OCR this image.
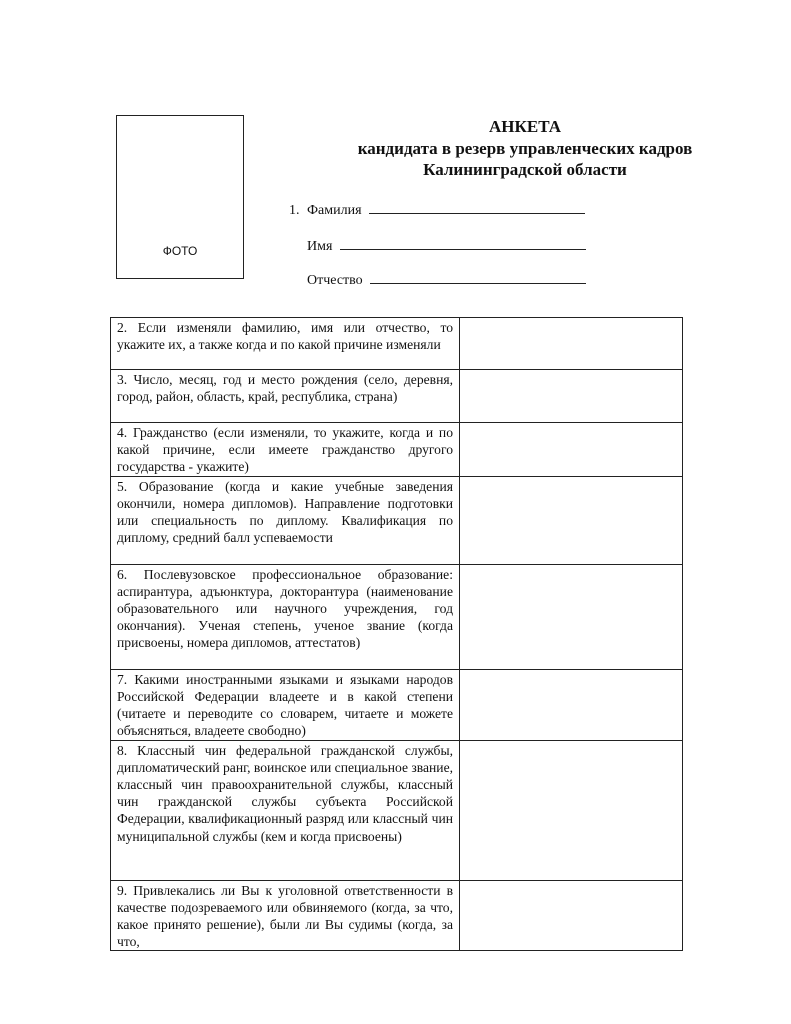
ФОТО
АНКЕТА
кандидата в резерв управленческих кадров
Калининградской области
1. Фамилия
Имя
Отчество
2. Если изменяли фамилию, имя или отчество, то укажите их, а также когда и по какой причине изменяли	
3. Число, месяц, год и место рождения (село, деревня, город, район, область, край, республика, страна)	
4. Гражданство (если изменяли, то укажите, когда и по какой причине, если имеете гражданство другого государства - укажите)	
5. Образование (когда и какие учебные заведения окончили, номера дипломов). Направление подготовки или специальность по диплому. Квалификация по диплому, средний балл успеваемости	
6. Послевузовское профессиональное образование: аспирантура, адъюнктура, докторантура (наименование образовательного или научного учреждения, год окончания). Ученая степень, ученое звание (когда присвоены, номера дипломов, аттестатов)	
7. Какими иностранными языками и языками народов Российской Федерации владеете и в какой степени (читаете и переводите со словарем, читаете и можете объясняться, владеете свободно)	
8. Классный чин федеральной гражданской службы, дипломатический ранг, воинское или специальное звание, классный чин правоохранительной службы, классный чин гражданской службы субъекта Российской Федерации, квалификационный разряд или классный чин муниципальной службы (кем и когда присвоены)	
9. Привлекались ли Вы к уголовной ответственности в качестве подозреваемого или обвиняемого (когда, за что, какое принято решение), были ли Вы судимы (когда, за что,	
